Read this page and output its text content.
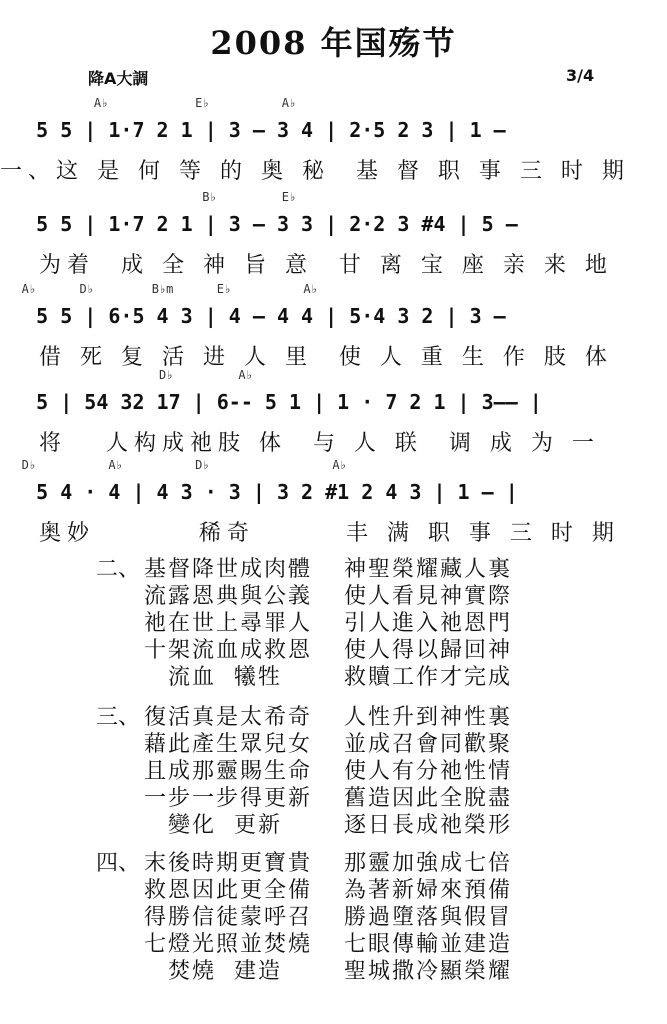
2008 年国殇节
降A大調	3/4
A♭            E♭          A♭
5 5 | 1·7 2 1 | 3 — 3 4 | 2·5 2 3 | 1 —
一、这 是 何 等 的 奥 秘  基 督 职 事 三 时 期
B♭         E♭
5 5 | 1·7 2 1 | 3 — 3 3 | 2·2 3 #4 | 5 —
为着  成 全 神 旨 意  甘 离 宝 座 亲 来 地
A♭      D♭        B♭m      E♭          A♭
5 5 | 6·5 4 3 | 4 — 4 4 | 5·4 3 2 | 3 —
借 死 复 活 进 人 里  使 人 重 生 作 肢 体
D♭         A♭
5 | 54 32 17 | 6-- 5 1 | 1 · 7 2 1 | 3—— |
将   人构成祂肢 体  与 人 联  调 成 为 一
D♭          A♭          D♭                 A♭
5 4 · 4 | 4 3 · 3 | 3 2 #1 2 4 3 | 1 — |
奥妙        稀奇       丰 满 职 事 三 时 期
二、 基督降世成肉體 神聖榮耀藏人裏
流露恩典與公義 使人看見神實際
祂在世上尋罪人 引人進入祂恩門
十架流血成救恩 使人得以歸回神
流血  犧牲	救贖工作才完成
三、 復活真是太希奇 人性升到神性裏
藉此產生眾兒女 並成召會同歡聚
且成那靈賜生命 使人有分祂性情
一步一步得更新 舊造因此全脫盡
變化  更新	逐日長成祂榮形
四、 末後時期更寶貴 那靈加強成七倍
救恩因此更全備 為著新婦來預備
得勝信徒蒙呼召 勝過墮落與假冒
七燈光照並焚燒 七眼傳輸並建造
焚燒  建造	聖城撒冷顯榮耀
